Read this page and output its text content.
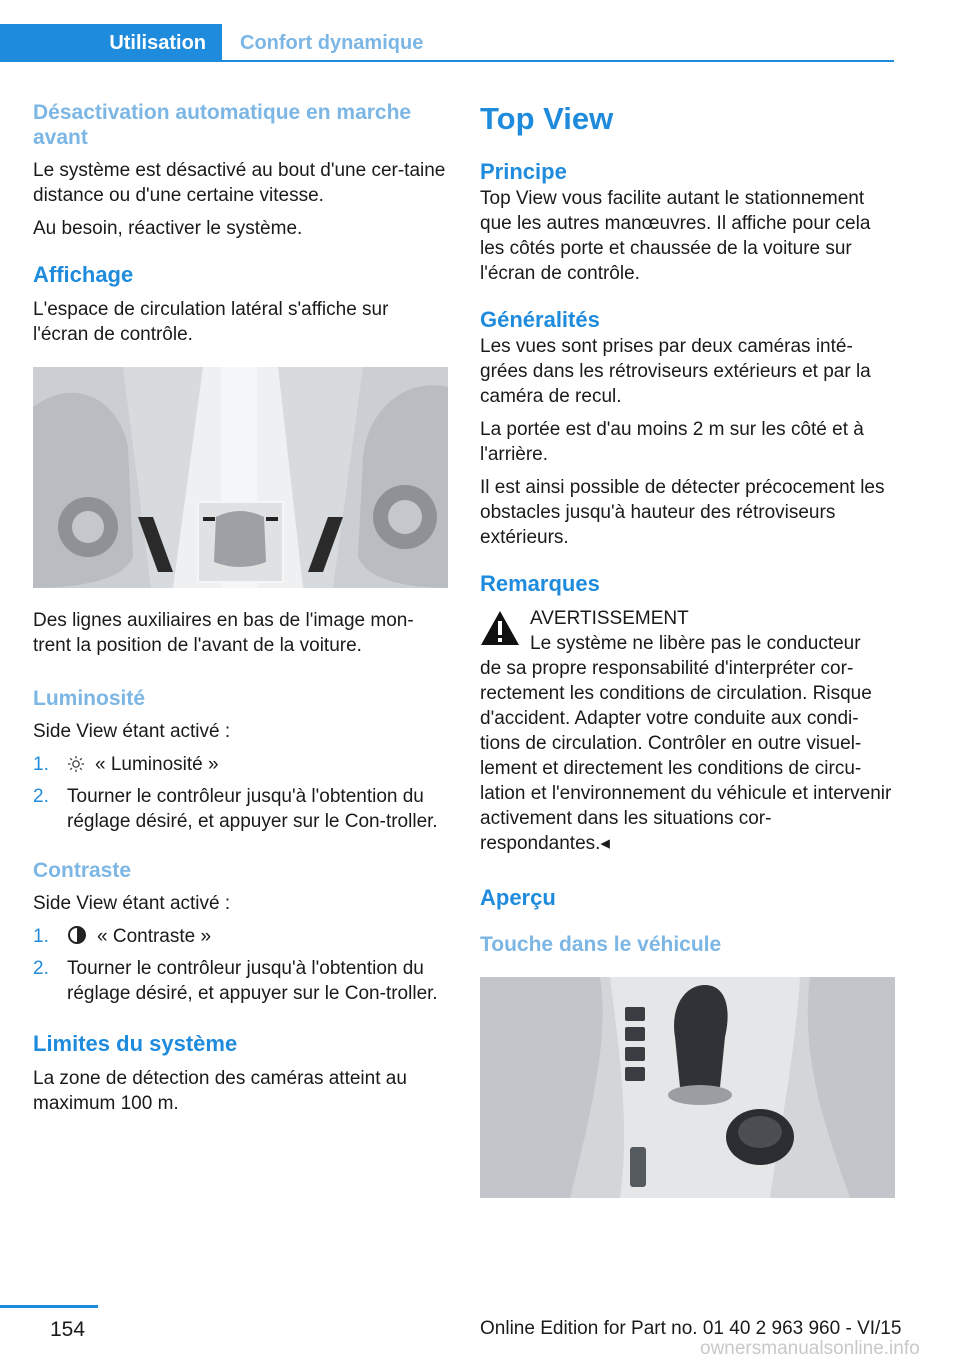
Utilisation	Confort dynamique
Désactivation automatique en marche avant

Le système est désactivé au bout d'une cer-taine distance ou d'une certaine vitesse.

Au besoin, réactiver le système.

Affichage

L'espace de circulation latéral s'affiche sur l'écran de contrôle.

Des lignes auxiliaires en bas de l'image mon-trent la position de l'avant de la voiture.

Luminosité

Side View étant activé :

1. « Luminosité »
2. Tourner le contrôleur jusqu'à l'obtention du réglage désiré, et appuyer sur le Con-troller.
Contraste

Side View étant activé :

1.	« Contraste »
2. Tourner le contrôleur jusqu'à l'obtention du réglage désiré, et appuyer sur le Con-troller.
Limites du système

La zone de détection des caméras atteint au maximum 100 m.

Top View
Principe

Top View vous facilite autant le stationnement que les autres manœuvres. Il affiche pour cela les côtés porte et chaussée de la voiture sur l'écran de contrôle.

Généralités

Les vues sont prises par deux caméras inté-grées dans les rétroviseurs extérieurs et par la caméra de recul.

La portée est d'au moins 2 m sur les côté et à l'arrière.

Il est ainsi possible de détecter précocement les obstacles jusqu'à hauteur des rétroviseurs extérieurs.

Remarques

AVERTISSEMENT

Le système ne libère pas le conducteur

de sa propre responsabilité d'interpréter cor-rectement les conditions de circulation. Risque d'accident. Adapter votre conduite aux condi-tions de circulation. Contrôler en outre visuel-lement et directement les conditions de circu-lation et l'environnement du véhicule et intervenir activement dans les situations cor-respondantes.◂

Aperçu
Touche dans le véhicule
154	Online Edition for Part no. 01 40 2 963 960 - VI/15
ownersmanualsonline.info
